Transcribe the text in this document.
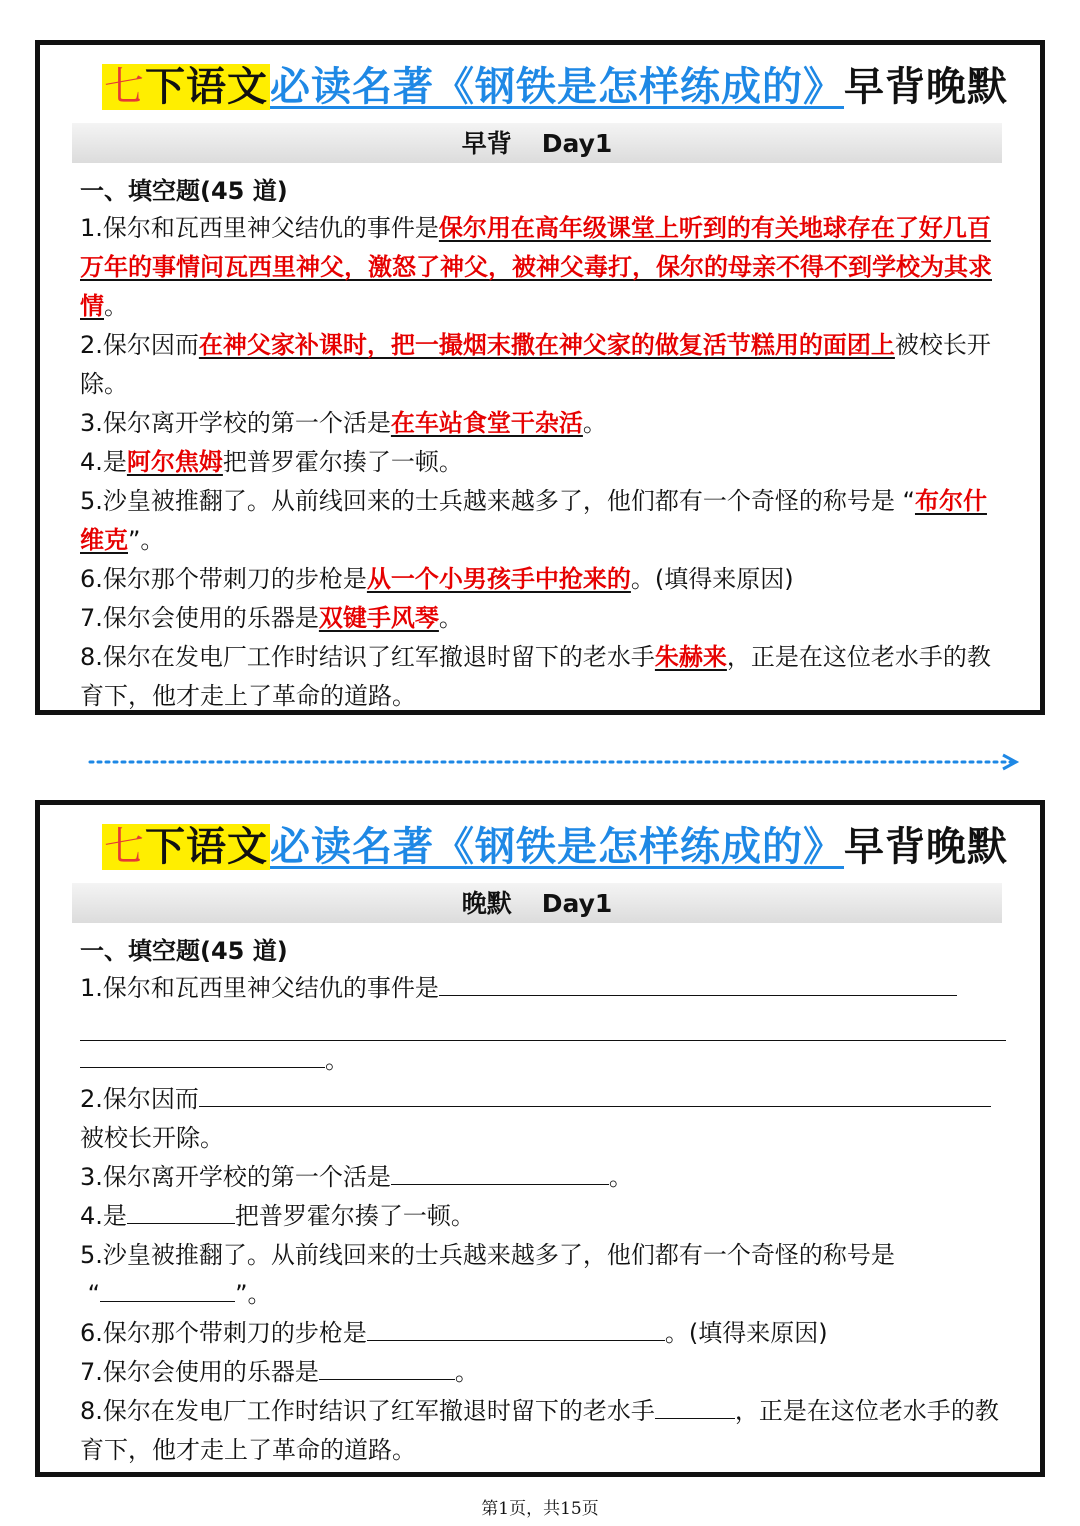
七下语文必读名著《钢铁是怎样练成的》早背晚默
早背 Day1
一、填空题(45 道)

1.保尔和瓦西里神父结仇的事件是保尔用在高年级课堂上听到的有关地球存在了好几百万年的事情问瓦西里神父，激怒了神父，被神父毒打，保尔的母亲不得不到学校为其求情。

2.保尔因而在神父家补课时，把一撮烟末撒在神父家的做复活节糕用的面团上被校长开除。

3.保尔离开学校的第一个活是在车站食堂干杂活。

4.是阿尔焦姆把普罗霍尔揍了一顿。

5.沙皇被推翻了。从前线回来的士兵越来越多了，他们都有一个奇怪的称号是 “布尔什维克”。

6.保尔那个带刺刀的步枪是从一个小男孩手中抢来的。(填得来原因)

7.保尔会使用的乐器是双键手风琴。

8.保尔在发电厂工作时结识了红军撤退时留下的老水手朱赫来，正是在这位老水手的教育下，他才走上了革命的道路。

七下语文必读名著《钢铁是怎样练成的》早背晚默
晚默 Day1
一、填空题(45 道)

1.保尔和瓦西里神父结仇的事件是

。

2.保尔因而

被校长开除。

3.保尔离开学校的第一个活是	。

4.是	把普罗霍尔揍了一顿。

5.沙皇被推翻了。从前线回来的士兵越来越多了，他们都有一个奇怪的称号是

“	”。

6.保尔那个带刺刀的步枪是	。(填得来原因)

7.保尔会使用的乐器是	。

8.保尔在发电厂工作时结识了红军撤退时留下的老水手	，正是在这位老水手的教育下，他才走上了革命的道路。

第1页，共15页
